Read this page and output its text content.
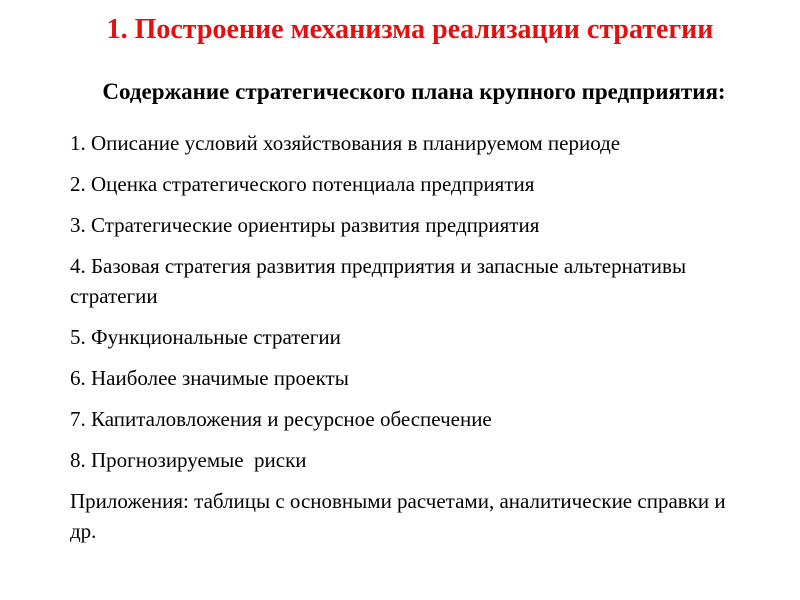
1. Построение механизма реализации стратегии
Содержание стратегического плана крупного предприятия:

1. Описание условий хозяйствования в планируемом периоде

2. Оценка стратегического потенциала предприятия

3. Стратегические ориентиры развития предприятия

4. Базовая стратегия развития предприятия и запасные альтернативы стратегии

5. Функциональные стратегии

6. Наиболее значимые проекты

7. Капиталовложения и ресурсное обеспечение

8. Прогнозируемые  риски

Приложения: таблицы с основными расчетами, аналитические справки и др.
